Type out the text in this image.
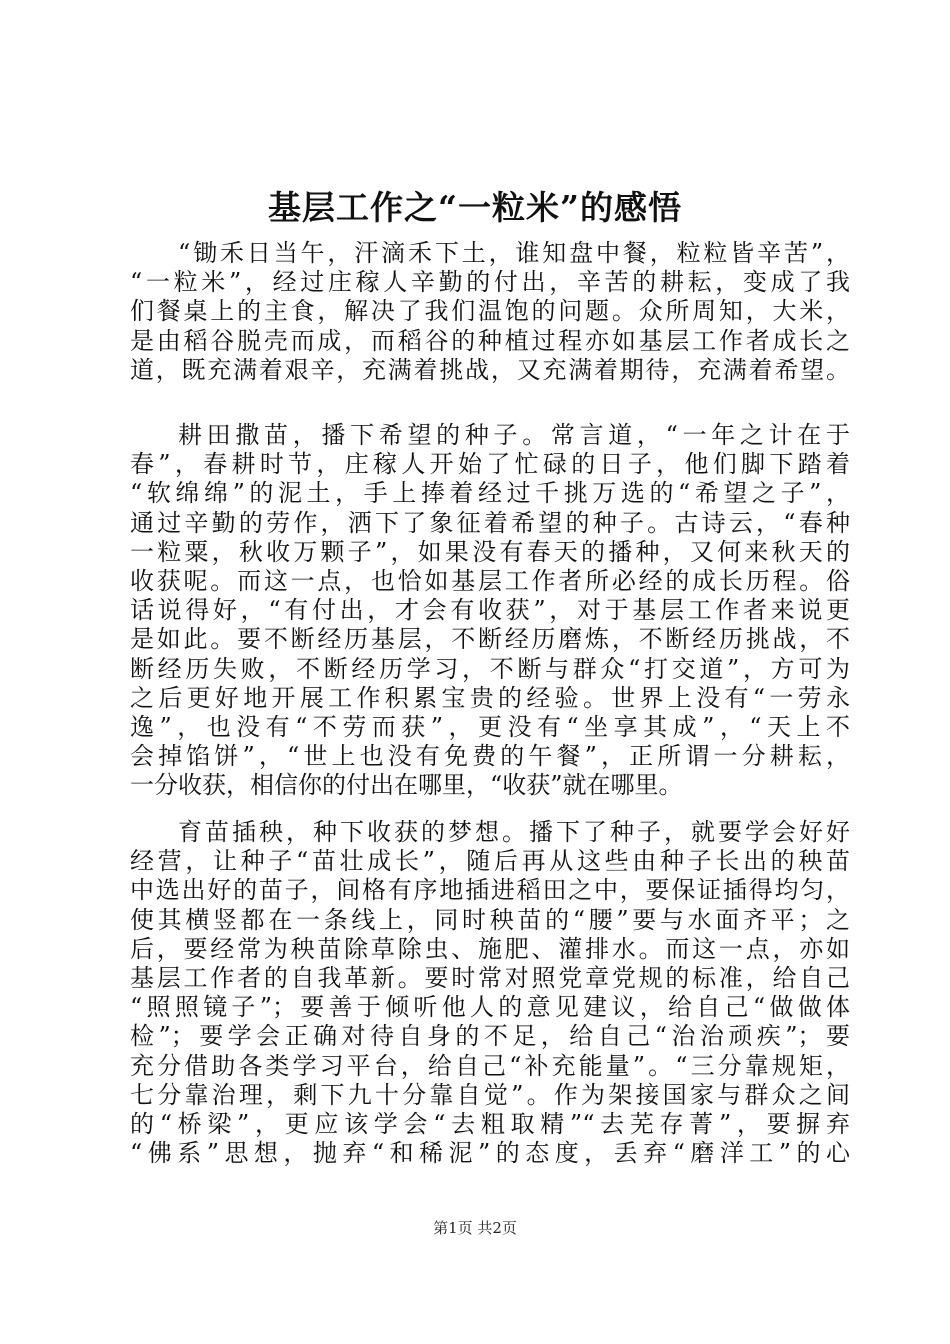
基层工作之“一粒米”的感悟
“锄禾日当午，汗滴禾下土，谁知盘中餐，粒粒皆辛苦”，
“一粒米”，经过庄稼人辛勤的付出，辛苦的耕耘，变成了我
们餐桌上的主食，解决了我们温饱的问题。众所周知，大米，
是由稻谷脱壳而成，而稻谷的种植过程亦如基层工作者成长之
道，既充满着艰辛，充满着挑战，又充满着期待，充满着希望。
耕田撒苗，播下希望的种子。常言道，“一年之计在于
春”，春耕时节，庄稼人开始了忙碌的日子，他们脚下踏着
“软绵绵”的泥土，手上捧着经过千挑万选的“希望之子”，
通过辛勤的劳作，洒下了象征着希望的种子。古诗云，“春种
一粒粟，秋收万颗子”，如果没有春天的播种，又何来秋天的
收获呢。而这一点，也恰如基层工作者所必经的成长历程。俗
话说得好，“有付出，才会有收获”，对于基层工作者来说更
是如此。要不断经历基层，不断经历磨炼，不断经历挑战，不
断经历失败，不断经历学习，不断与群众“打交道”，方可为
之后更好地开展工作积累宝贵的经验。世界上没有“一劳永
逸”，也没有“不劳而获”，更没有“坐享其成”，“天上不
会掉馅饼”，“世上也没有免费的午餐”，正所谓一分耕耘，
一分收获，相信你的付出在哪里，“收获”就在哪里。
育苗插秧，种下收获的梦想。播下了种子，就要学会好好
经营，让种子“苗壮成长”，随后再从这些由种子长出的秧苗
中选出好的苗子，间格有序地插进稻田之中，要保证插得均匀，
使其横竖都在一条线上，同时秧苗的“腰”要与水面齐平；之
后，要经常为秧苗除草除虫、施肥、灌排水。而这一点，亦如
基层工作者的自我革新。要时常对照党章党规的标准，给自己
“照照镜子”；要善于倾听他人的意见建议，给自己“做做体
检”；要学会正确对待自身的不足，给自己“治治顽疾”；要
充分借助各类学习平台，给自己“补充能量”。“三分靠规矩，
七分靠治理，剩下九十分靠自觉”。作为架接国家与群众之间
的“桥梁”，更应该学会“去粗取精”“去芜存菁”，要摒弃
“佛系”思想，抛弃“和稀泥”的态度，丢弃“磨洋工”的心
第1页 共2页
